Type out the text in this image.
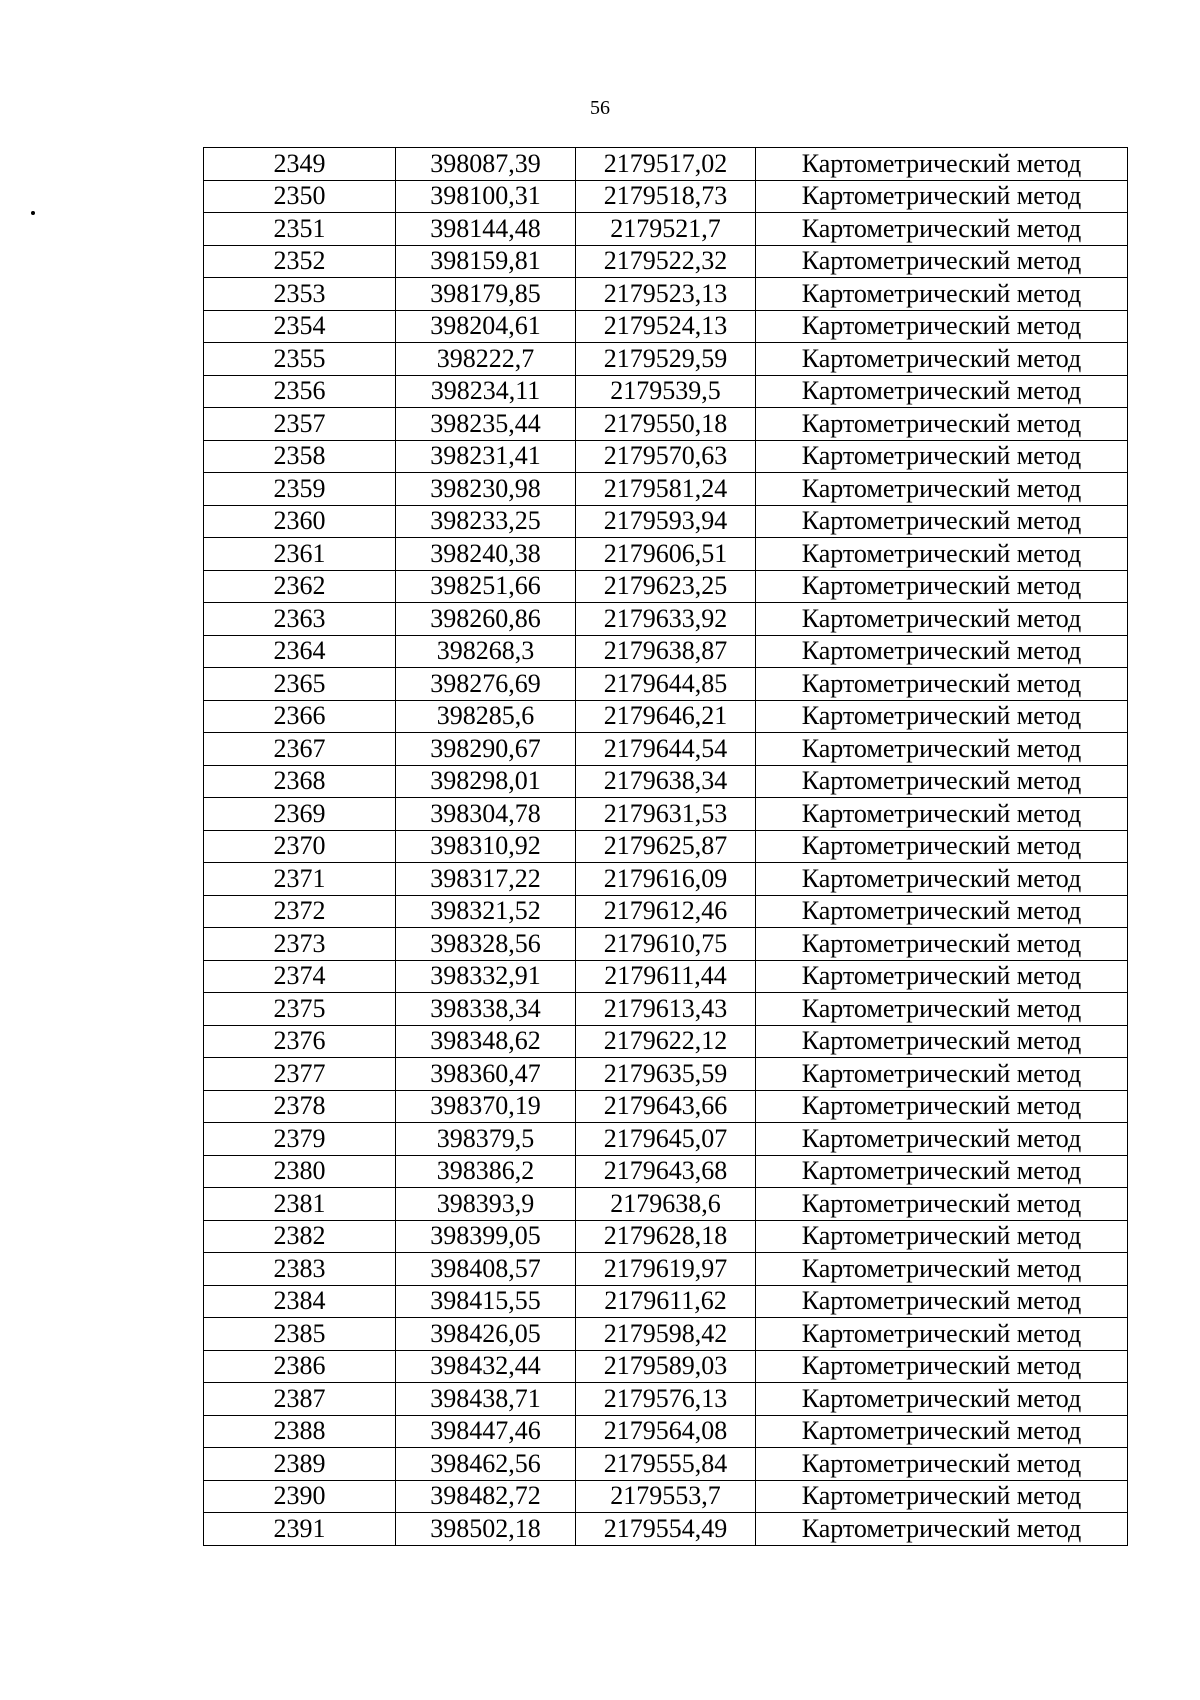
56
2349	398087,39	2179517,02	Картометрический метод
2350	398100,31	2179518,73	Картометрический метод
2351	398144,48	2179521,7	Картометрический метод
2352	398159,81	2179522,32	Картометрический метод
2353	398179,85	2179523,13	Картометрический метод
2354	398204,61	2179524,13	Картометрический метод
2355	398222,7	2179529,59	Картометрический метод
2356	398234,11	2179539,5	Картометрический метод
2357	398235,44	2179550,18	Картометрический метод
2358	398231,41	2179570,63	Картометрический метод
2359	398230,98	2179581,24	Картометрический метод
2360	398233,25	2179593,94	Картометрический метод
2361	398240,38	2179606,51	Картометрический метод
2362	398251,66	2179623,25	Картометрический метод
2363	398260,86	2179633,92	Картометрический метод
2364	398268,3	2179638,87	Картометрический метод
2365	398276,69	2179644,85	Картометрический метод
2366	398285,6	2179646,21	Картометрический метод
2367	398290,67	2179644,54	Картометрический метод
2368	398298,01	2179638,34	Картометрический метод
2369	398304,78	2179631,53	Картометрический метод
2370	398310,92	2179625,87	Картометрический метод
2371	398317,22	2179616,09	Картометрический метод
2372	398321,52	2179612,46	Картометрический метод
2373	398328,56	2179610,75	Картометрический метод
2374	398332,91	2179611,44	Картометрический метод
2375	398338,34	2179613,43	Картометрический метод
2376	398348,62	2179622,12	Картометрический метод
2377	398360,47	2179635,59	Картометрический метод
2378	398370,19	2179643,66	Картометрический метод
2379	398379,5	2179645,07	Картометрический метод
2380	398386,2	2179643,68	Картометрический метод
2381	398393,9	2179638,6	Картометрический метод
2382	398399,05	2179628,18	Картометрический метод
2383	398408,57	2179619,97	Картометрический метод
2384	398415,55	2179611,62	Картометрический метод
2385	398426,05	2179598,42	Картометрический метод
2386	398432,44	2179589,03	Картометрический метод
2387	398438,71	2179576,13	Картометрический метод
2388	398447,46	2179564,08	Картометрический метод
2389	398462,56	2179555,84	Картометрический метод
2390	398482,72	2179553,7	Картометрический метод
2391	398502,18	2179554,49	Картометрический метод
